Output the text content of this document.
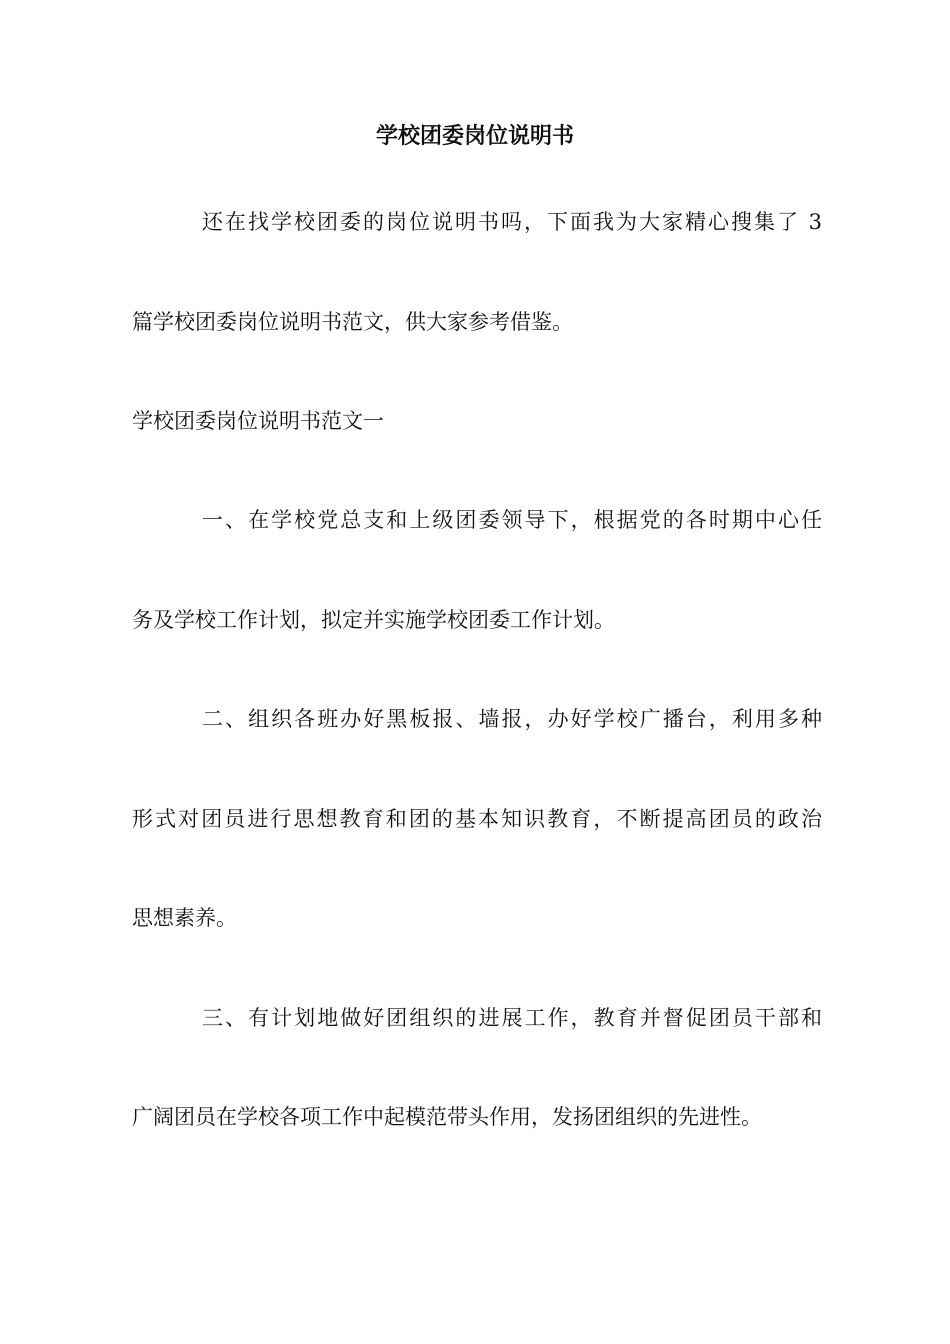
学校团委岗位说明书

还在找学校团委的岗位说明书吗，下面我为大家精心搜集了 3

篇学校团委岗位说明书范文，供大家参考借鉴。

学校团委岗位说明书范文一

一、在学校党总支和上级团委领导下，根据党的各时期中心任

务及学校工作计划，拟定并实施学校团委工作计划。

二、组织各班办好黑板报、墙报，办好学校广播台，利用多种

形式对团员进行思想教育和团的基本知识教育，不断提高团员的政治

思想素养。

三、有计划地做好团组织的进展工作，教育并督促团员干部和

广阔团员在学校各项工作中起模范带头作用，发扬团组织的先进性。
